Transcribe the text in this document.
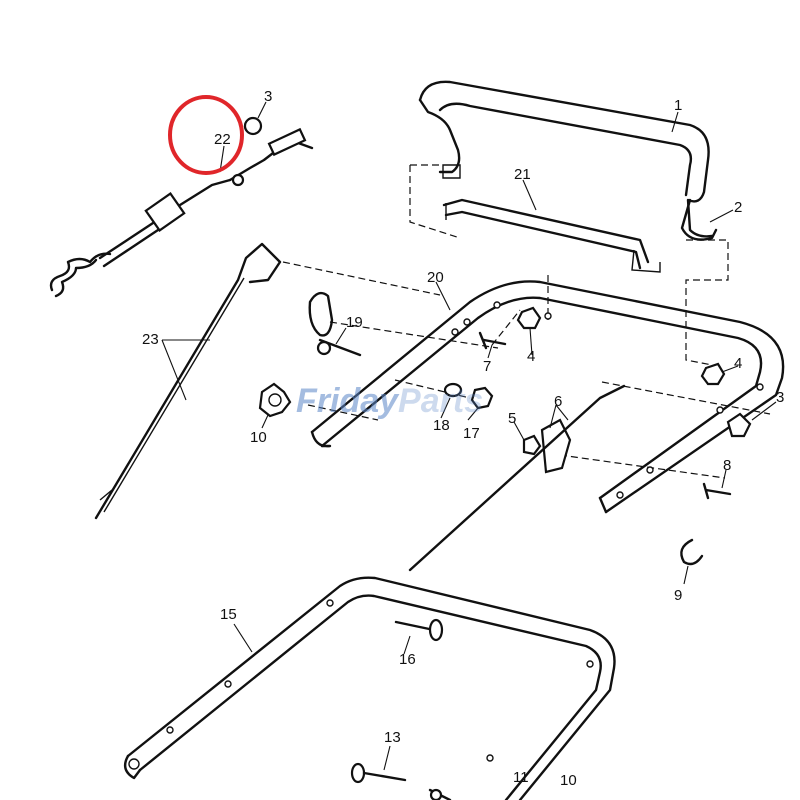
FridayParts
1
2
3
3
4	4
5
6
7
8
9
10
10
11
13
15
16
17
18
19
20
21
22
23
